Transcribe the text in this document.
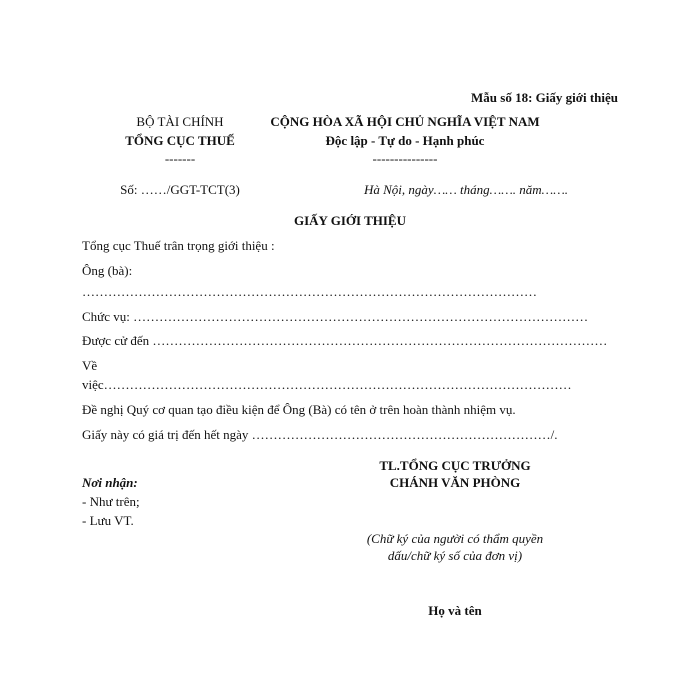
Mẫu số 18: Giấy giới thiệu
BỘ TÀI CHÍNH
TỔNG CỤC THUẾ
-------
Số: ……/GGT-TCT(3)
CỘNG HÒA XÃ HỘI CHỦ NGHĨA VIỆT NAM
Độc lập - Tự do - Hạnh phúc
---------------
Hà Nội, ngày…… tháng……. năm…….
GIẤY GIỚI THIỆU
Tổng cục Thuế trân trọng giới thiệu :
Ông (bà):
……………………………………………………………………………………………
Chức vụ: ……………………………………………………………………………………………
Được cử đến ……………………………………………………………………………………………
Về
việc………………………………………………………………………………………………
Đề nghị Quý cơ quan tạo điều kiện để Ông (Bà) có tên ở trên hoàn thành nhiệm vụ.
Giấy này có giá trị đến hết ngày ……………………………………………………………/.
Nơi nhận:
- Như trên;
- Lưu VT.
TL.TỔNG CỤC TRƯỞNG
CHÁNH VĂN PHÒNG
(Chữ ký của người có thẩm quyền
dấu/chữ ký số của đơn vị)
Họ và tên
